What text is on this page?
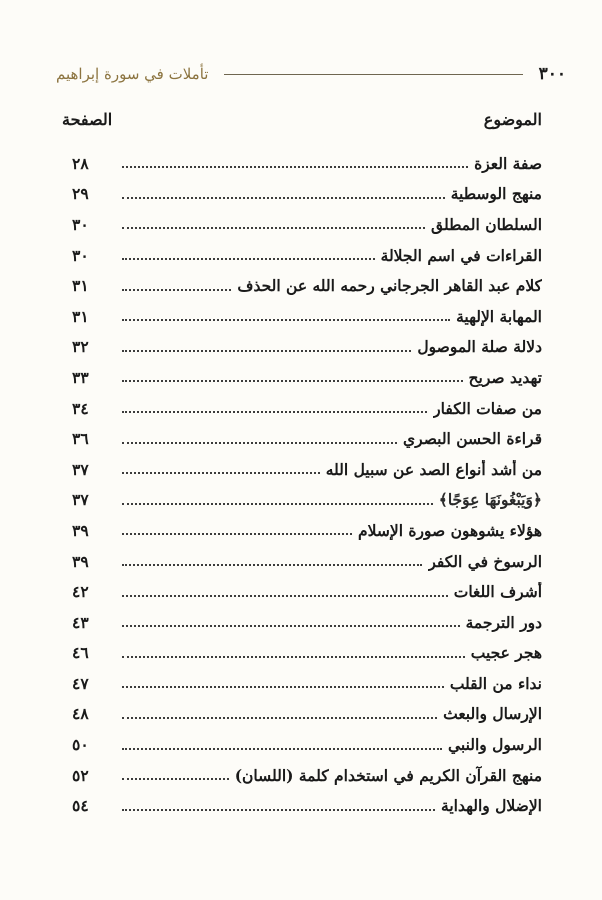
٣٠٠
تأملات في سورة إبراهيم
الموضوع
الصفحة
صفة العزة
٢٨
منهج الوسطية
٢٩
السلطان المطلق
٣٠
القراءات في اسم الجلالة
٣٠
كلام عبد القاهر الجرجاني رحمه الله عن الحذف
٣١
المهابة الإلهية
٣١
دلالة صلة الموصول
٣٢
تهديد صريح
٣٣
من صفات الكفار
٣٤
قراءة الحسن البصري
٣٦
من أشد أنواع الصد عن سبيل الله
٣٧
﴿وَيَبْغُونَهَا عِوَجًا﴾
٣٧
هؤلاء يشوهون صورة الإسلام
٣٩
الرسوخ في الكفر
٣٩
أشرف اللغات
٤٢
دور الترجمة
٤٣
هجر عجيب
٤٦
نداء من القلب
٤٧
الإرسال والبعث
٤٨
الرسول والنبي
٥٠
منهج القرآن الكريم في استخدام كلمة (اللسان)
٥٢
الإضلال والهداية
٥٤
